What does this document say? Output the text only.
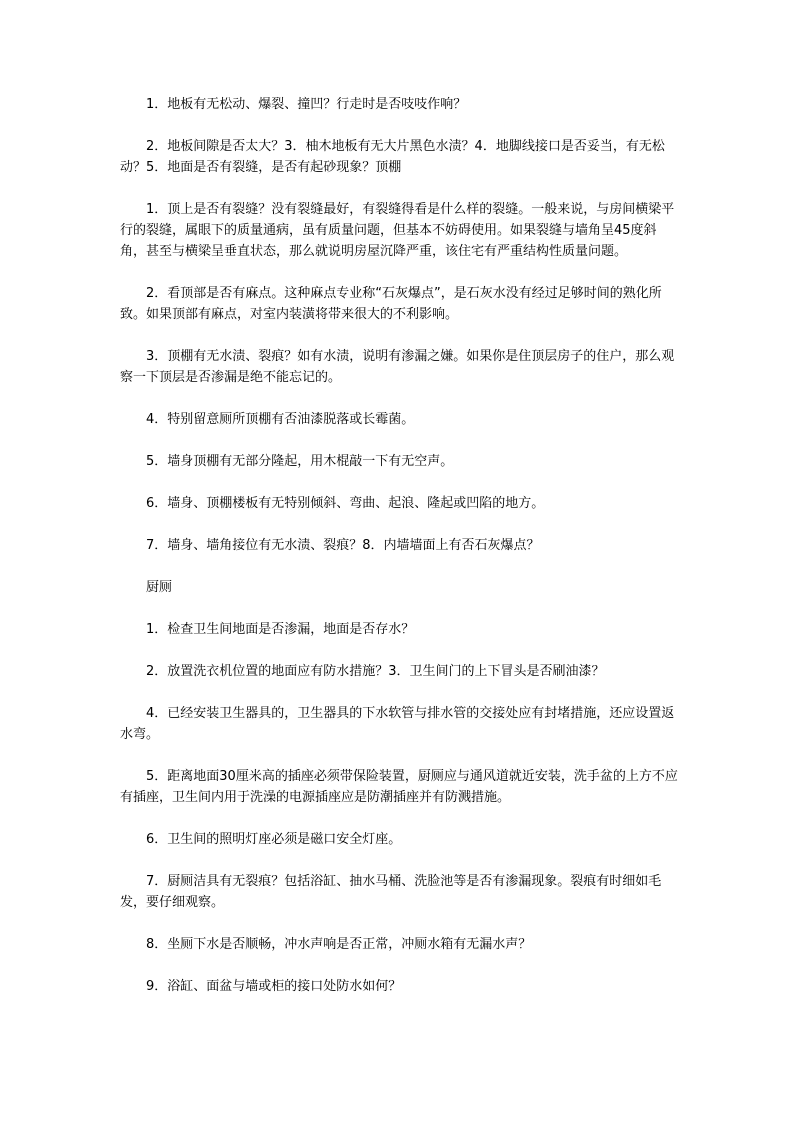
1．地板有无松动、爆裂、撞凹？行走时是否吱吱作响？

2．地板间隙是否太大？3．柚木地板有无大片黑色水渍？4．地脚线接口是否妥当，有无松动？5．地面是否有裂缝，是否有起砂现象？顶棚

1．顶上是否有裂缝？没有裂缝最好，有裂缝得看是什么样的裂缝。一般来说，与房间横梁平行的裂缝，属眼下的质量通病，虽有质量问题，但基本不妨碍使用。如果裂缝与墙角呈45度斜角，甚至与横梁呈垂直状态，那么就说明房屋沉降严重，该住宅有严重结构性质量问题。

2．看顶部是否有麻点。这种麻点专业称“石灰爆点”，是石灰水没有经过足够时间的熟化所致。如果顶部有麻点，对室内装潢将带来很大的不利影响。

3．顶棚有无水渍、裂痕？如有水渍，说明有渗漏之嫌。如果你是住顶层房子的住户，那么观察一下顶层是否渗漏是绝不能忘记的。

4．特别留意厕所顶棚有否油漆脱落或长霉菌。

5．墙身顶棚有无部分隆起，用木棍敲一下有无空声。

6．墙身、顶棚楼板有无特别倾斜、弯曲、起浪、隆起或凹陷的地方。

7．墙身、墙角接位有无水渍、裂痕？8．内墙墙面上有否石灰爆点？

厨厕

1．检查卫生间地面是否渗漏，地面是否存水？

2．放置洗衣机位置的地面应有防水措施？3．卫生间门的上下冒头是否刷油漆？

4．已经安装卫生器具的，卫生器具的下水软管与排水管的交接处应有封堵措施，还应设置返水弯。

5．距离地面30厘米高的插座必须带保险装置，厨厕应与通风道就近安装，洗手盆的上方不应有插座，卫生间内用于洗澡的电源插座应是防潮插座并有防溅措施。

6．卫生间的照明灯座必须是磁口安全灯座。

7．厨厕洁具有无裂痕？包括浴缸、抽水马桶、洗脸池等是否有渗漏现象。裂痕有时细如毛发，要仔细观察。

8．坐厕下水是否顺畅，冲水声响是否正常，冲厕水箱有无漏水声？

9．浴缸、面盆与墙或柜的接口处防水如何？
